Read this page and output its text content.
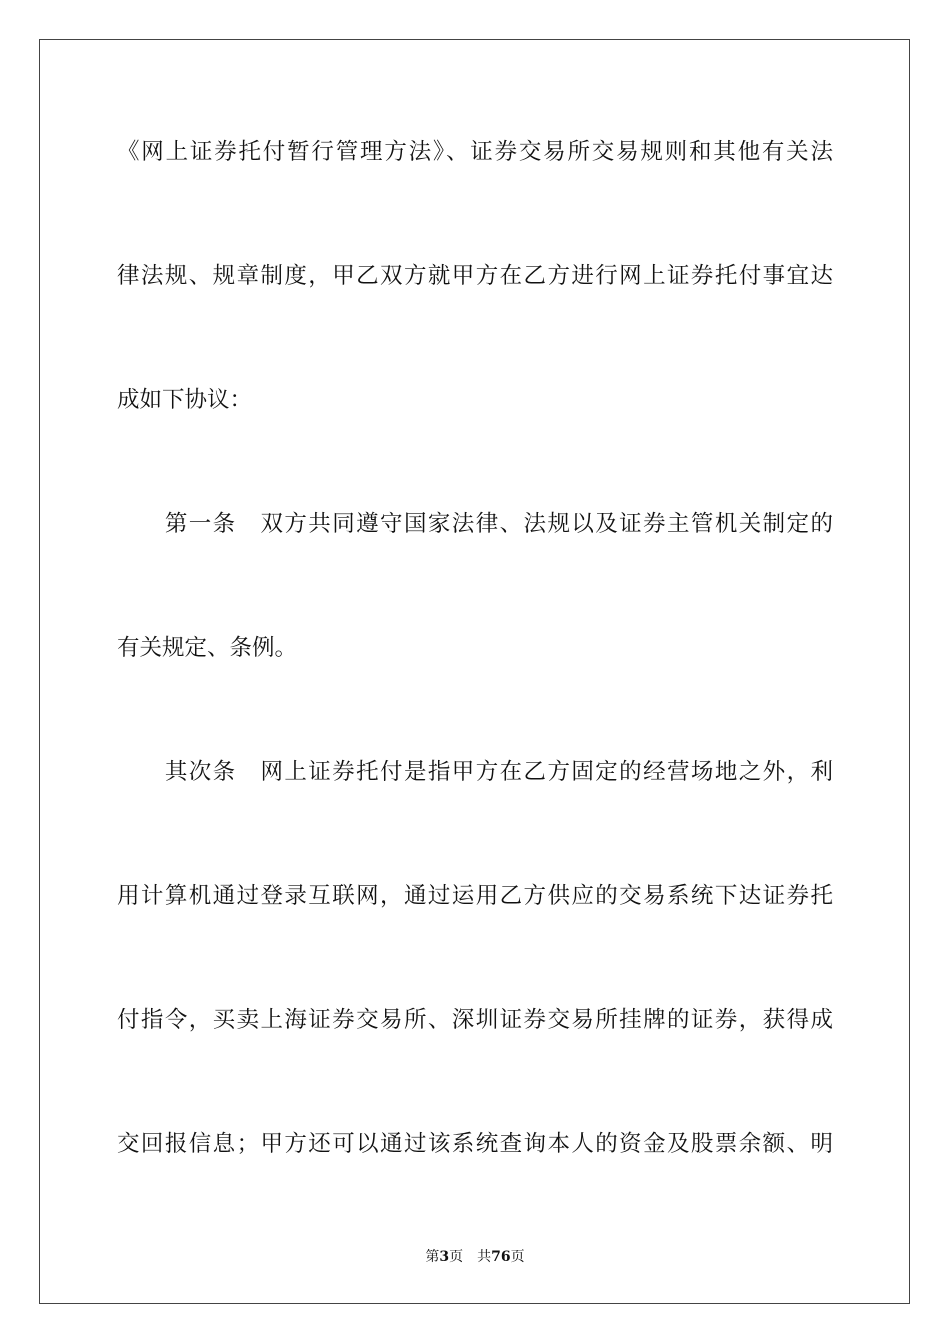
《网上证券托付暂行管理方法》、证券交易所交易规则和其他有关法
律法规、规章制度，甲乙双方就甲方在乙方进行网上证券托付事宜达
成如下协议：
　　第一条　双方共同遵守国家法律、法规以及证券主管机关制定的
有关规定、条例。
　　其次条　网上证券托付是指甲方在乙方固定的经营场地之外，利
用计算机通过登录互联网，通过运用乙方供应的交易系统下达证券托
付指令，买卖上海证券交易所、深圳证券交易所挂牌的证券，获得成
交回报信息；甲方还可以通过该系统查询本人的资金及股票余额、明
第3页 共76页
